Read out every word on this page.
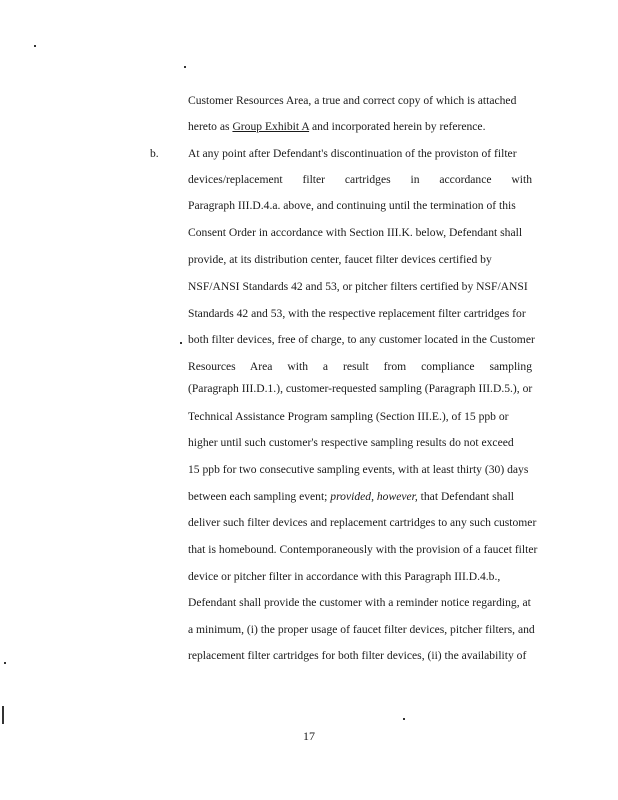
Customer Resources Area, a true and correct copy of which is attached
hereto as Group Exhibit A and incorporated herein by reference.
b.	At any point after Defendant's discontinuation of the proviston of filter
devices/replacement filter cartridges in accordance with
Paragraph III.D.4.a. above, and continuing until the termination of this
Consent Order in accordance with Section III.K. below, Defendant shall
provide, at its distribution center, faucet filter devices certified by
NSF/ANSI Standards 42 and 53, or pitcher filters certified by NSF/ANSI
Standards 42 and 53, with the respective replacement filter cartridges for
both filter devices, free of charge, to any customer located in the Customer
Resources Area with a result from compliance sampling
(Paragraph III.D.1.), customer-requested sampling (Paragraph III.D.5.), or
Technical Assistance Program sampling (Section III.E.), of 15 ppb or
higher until such customer's respective sampling results do not exceed
15 ppb for two consecutive sampling events, with at least thirty (30) days
between each sampling event; provided, however, that Defendant shall
deliver such filter devices and replacement cartridges to any such customer
that is homebound. Contemporaneously with the provision of a faucet filter
device or pitcher filter in accordance with this Paragraph III.D.4.b.,
Defendant shall provide the customer with a reminder notice regarding, at
a minimum, (i) the proper usage of faucet filter devices, pitcher filters, and
replacement filter cartridges for both filter devices, (ii) the availability of
17
